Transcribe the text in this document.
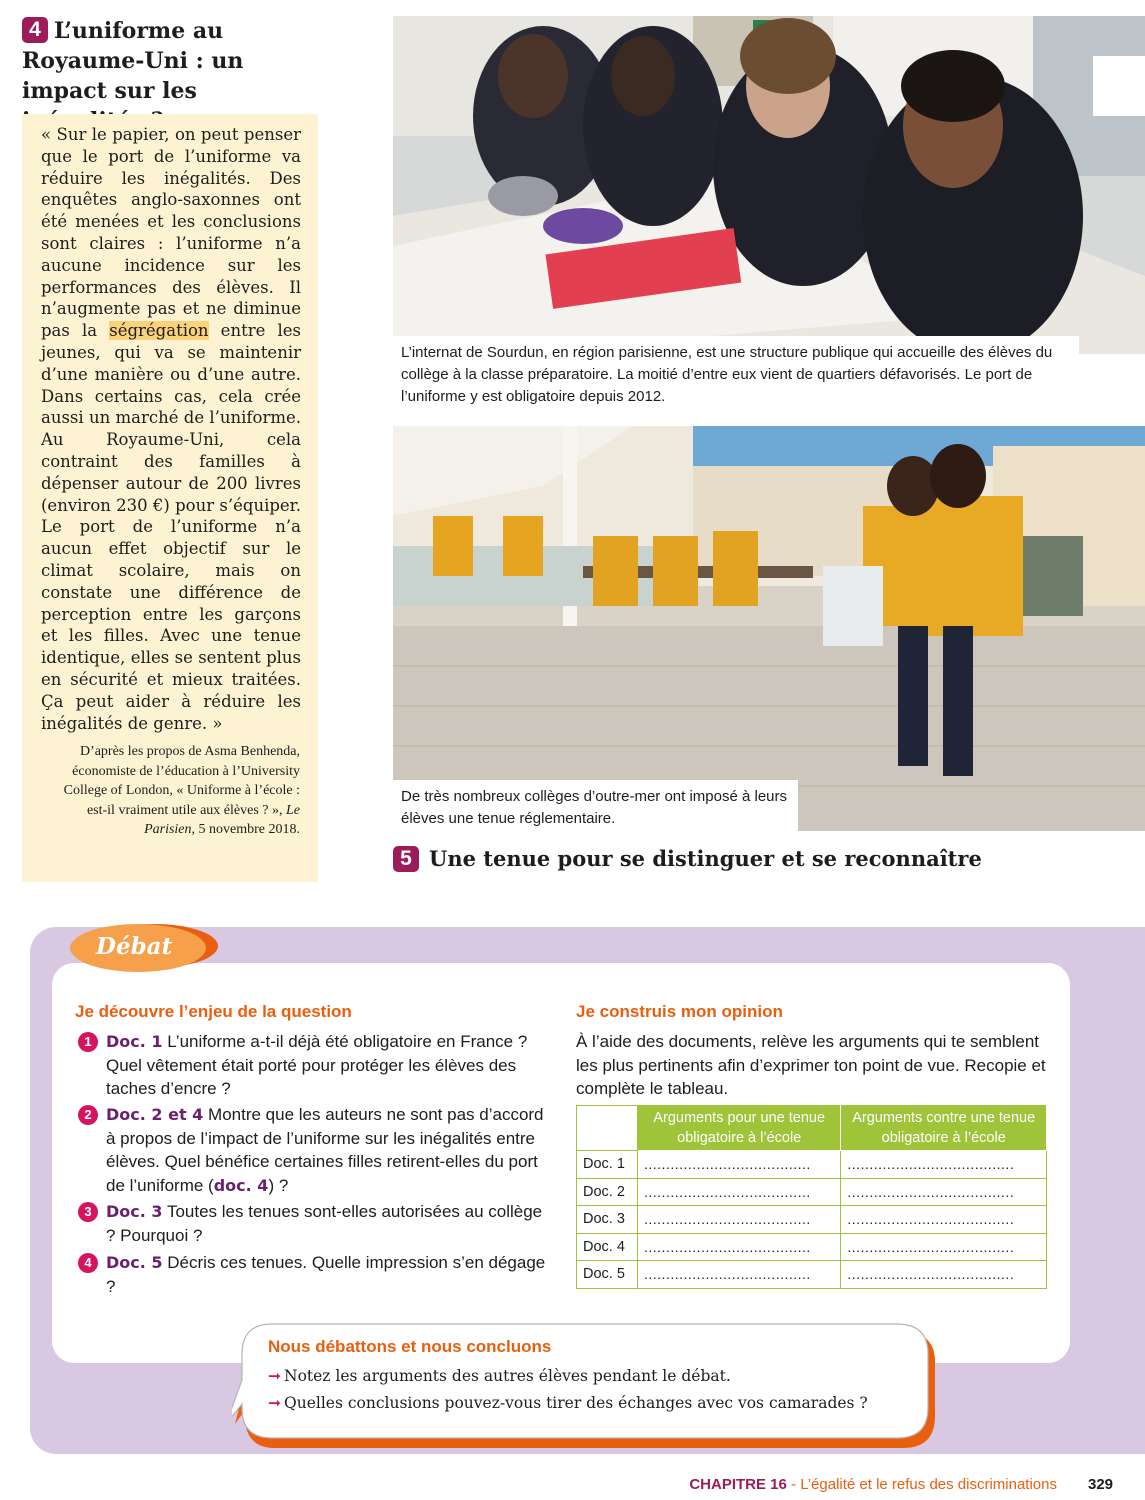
4 L’uniforme au Royaume-Uni : un impact sur les
« Sur le papier, on peut penser que le port de l’uniforme va réduire les inégalités. Des enquêtes anglo-saxonnes ont été menées et les conclusions sont claires : l’uniforme n’a aucune incidence sur les performances des élèves. Il n’augmente pas et ne diminue pas la ségrégation entre les jeunes, qui va se maintenir d’une manière ou d’une autre. Dans certains cas, cela crée aussi un marché de l’uniforme. Au Royaume-Uni, cela contraint des familles à dépenser autour de 200 livres (environ 230 €) pour s’équiper. Le port de l’uniforme n’a aucun effet objectif sur le climat scolaire, mais on constate une différence de perception entre les garçons et les filles. Avec une tenue identique, elles se sentent plus en sécurité et mieux traitées. Ça peut aider à réduire les inégalités de genre. »
D’après les propos de Asma Benhenda, économiste de l’éducation à l’University College of London, « Uniforme à l’école : est-il vraiment utile aux élèves ? », Le Parisien, 5 novembre 2018.
L’internat de Sourdun, en région parisienne, est une structure publique qui accueille des élèves du collège à la classe préparatoire. La moitié d’entre eux vient de quartiers défavorisés. Le port de l’uniforme y est obligatoire depuis 2012.
De très nombreux collèges d’outre-mer ont imposé à leurs élèves une tenue réglementaire.
5 Une tenue pour se distinguer et se reconnaître
Débat
Je découvre l’enjeu de la question
1 Doc. 1 L’uniforme a-t-il déjà été obligatoire en France ? Quel vêtement était porté pour protéger les élèves des taches d’encre ?
2 Doc. 2 et 4 Montre que les auteurs ne sont pas d’accord à propos de l’impact de l’uniforme sur les inégalités entre élèves. Quel bénéfice certaines filles retirent-elles du port de l’uniforme (doc. 4) ?
3 Doc. 3 Toutes les tenues sont-elles autorisées au collège ? Pourquoi ?
4 Doc. 5 Décris ces tenues. Quelle impression s’en dégage ?
Je construis mon opinion
À l’aide des documents, relève les arguments qui te semblent les plus pertinents afin d’exprimer ton point de vue. Recopie et complète le tableau.
	Arguments pour une tenue obligatoire à l’école	Arguments contre une tenue obligatoire à l’école
Doc. 1	......................................	......................................
Doc. 2	......................................	......................................
Doc. 3	......................................	......................................
Doc. 4	......................................	......................................
Doc. 5	......................................	......................................
Nous débattons et nous concluons
➞ Notez les arguments des autres élèves pendant le débat.
➞ Quelles conclusions pouvez-vous tirer des échanges avec vos camarades ?
CHAPITRE 16 - L’égalité et le refus des discriminations 329
